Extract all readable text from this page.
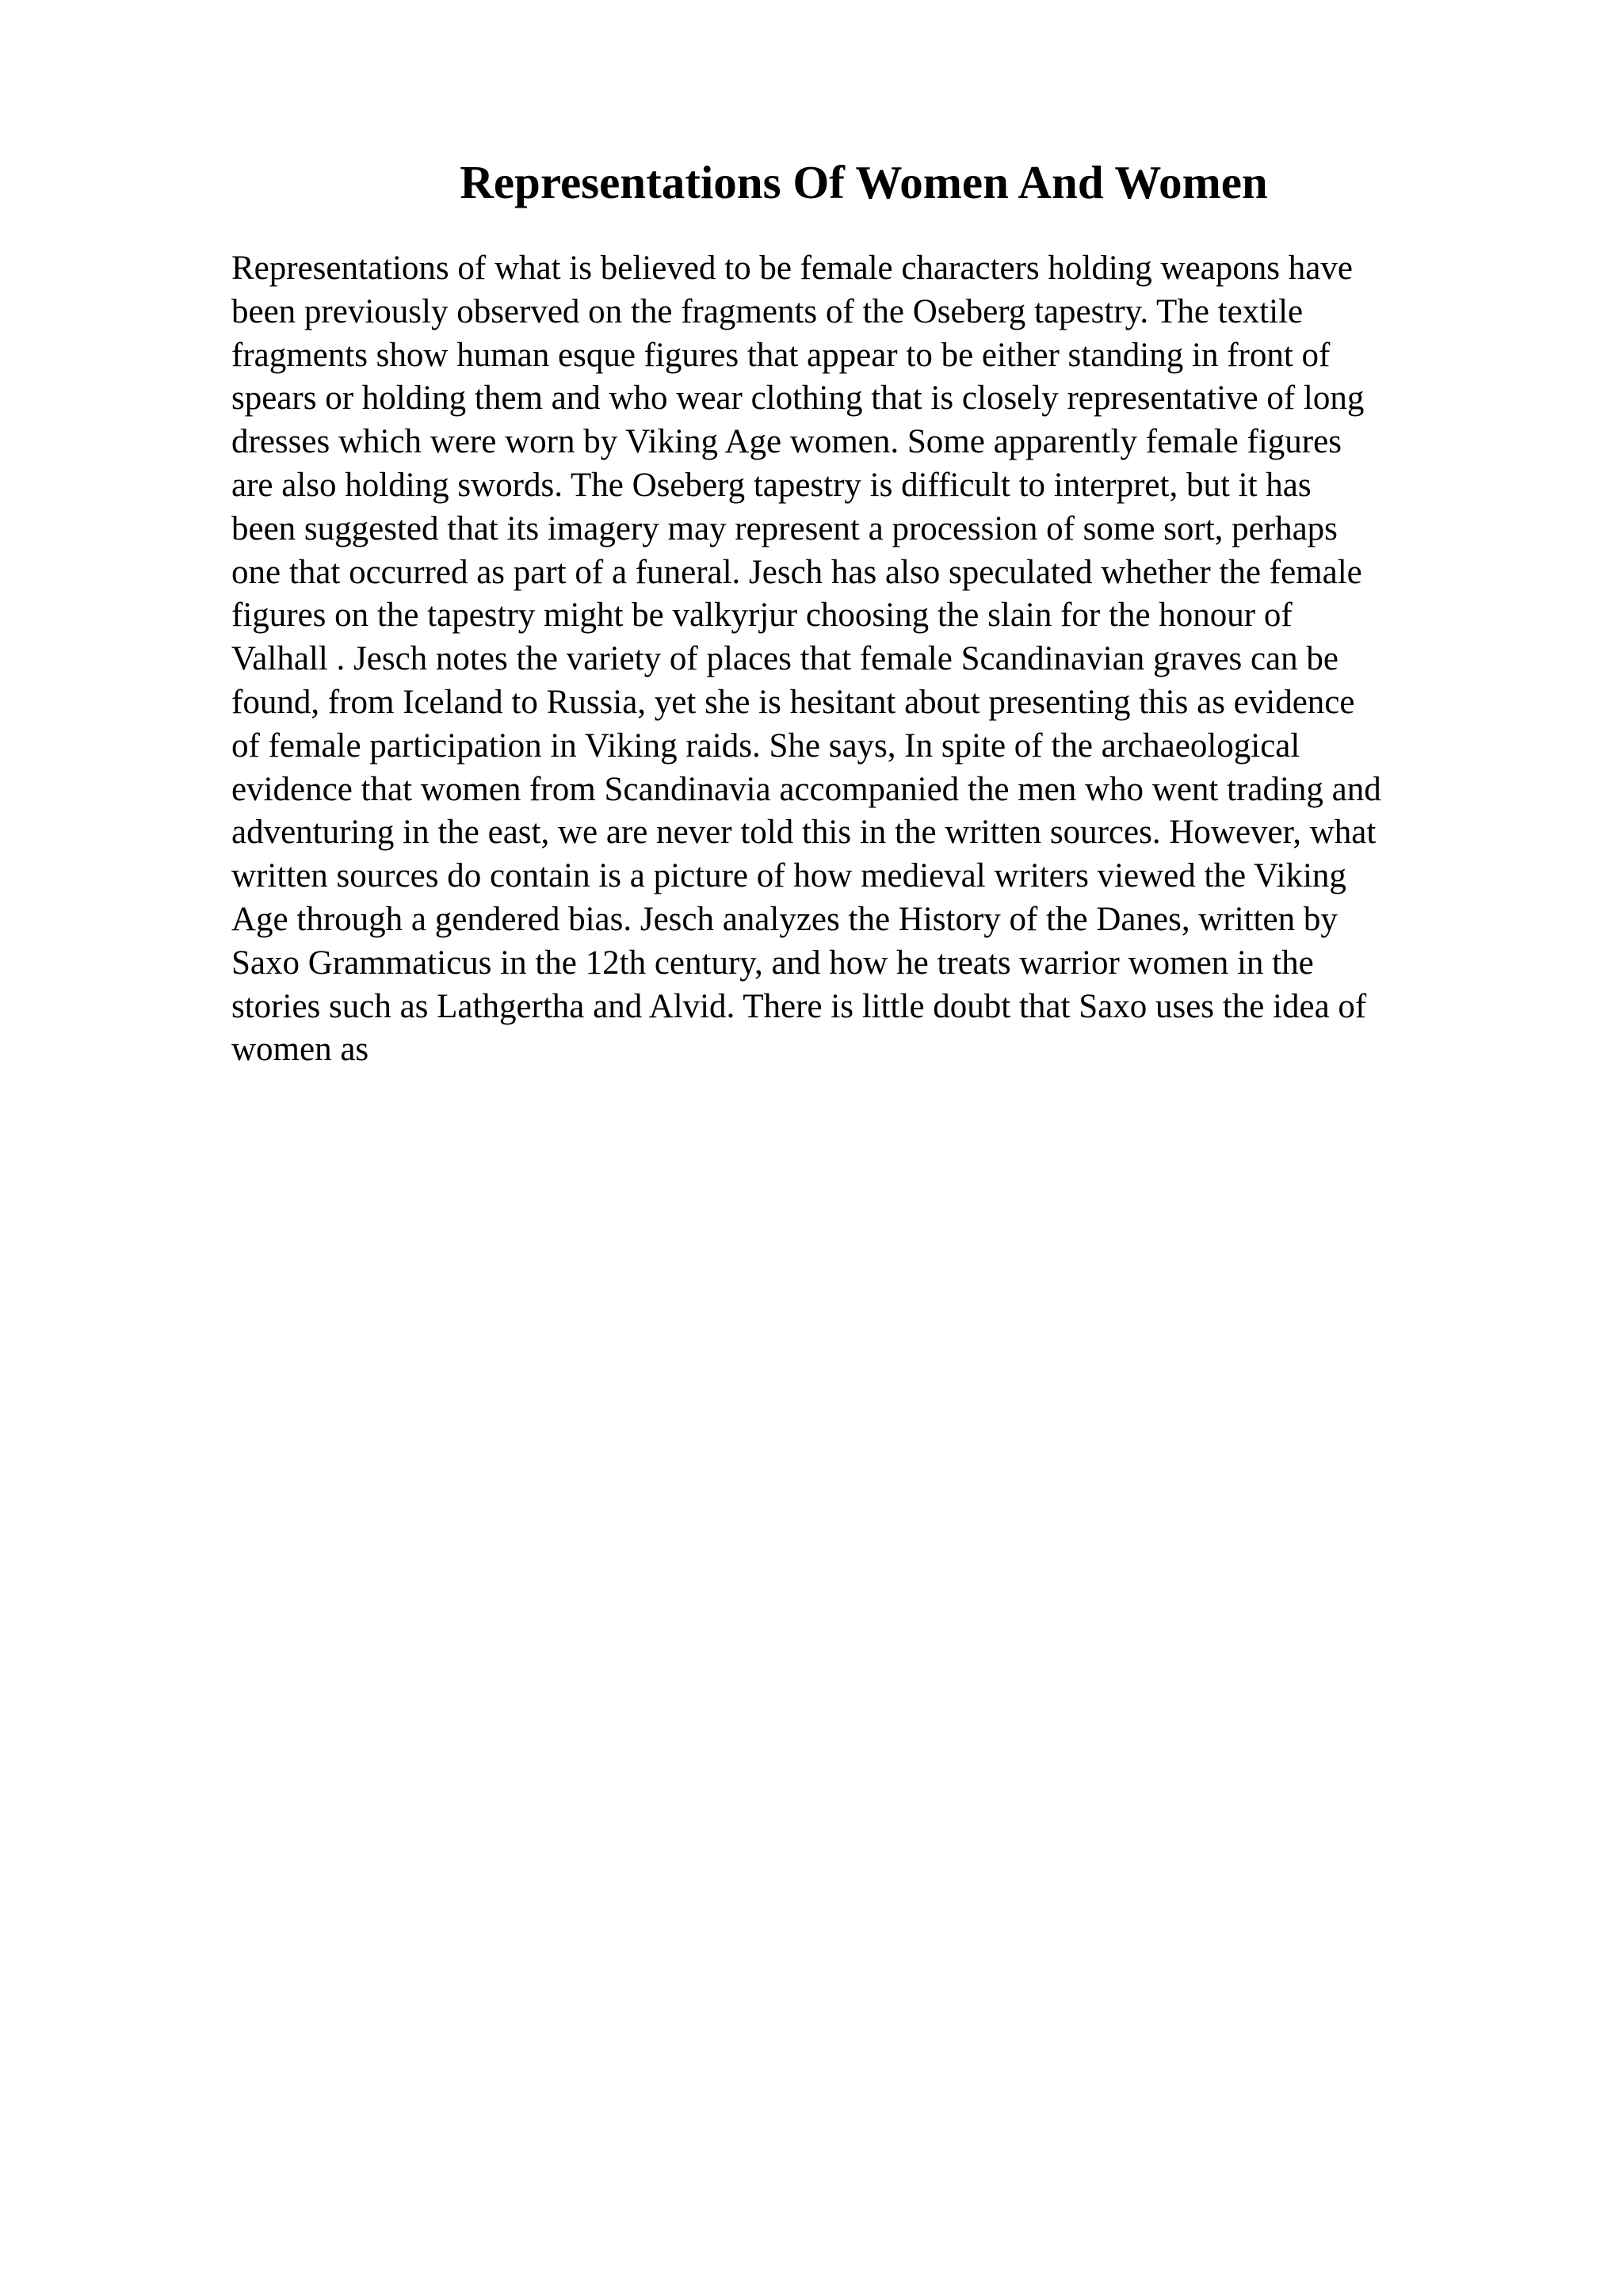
Representations Of Women And Women
Representations of what is believed to be female characters holding weapons have
been previously observed on the fragments of the Oseberg tapestry. The textile
fragments show human esque figures that appear to be either standing in front of
spears or holding them and who wear clothing that is closely representative of long
dresses which were worn by Viking Age women. Some apparently female figures
are also holding swords. The Oseberg tapestry is difficult to interpret, but it has
been suggested that its imagery may represent a procession of some sort, perhaps
one that occurred as part of a funeral. Jesch has also speculated whether the female
figures on the tapestry might be valkyrjur choosing the slain for the honour of
Valhall . Jesch notes the variety of places that female Scandinavian graves can be
found, from Iceland to Russia, yet she is hesitant about presenting this as evidence
of female participation in Viking raids. She says, In spite of the archaeological
evidence that women from Scandinavia accompanied the men who went trading and
adventuring in the east, we are never told this in the written sources. However, what
written sources do contain is a picture of how medieval writers viewed the Viking
Age through a gendered bias. Jesch analyzes the History of the Danes, written by
Saxo Grammaticus in the 12th century, and how he treats warrior women in the
stories such as Lathgertha and Alvid. There is little doubt that Saxo uses the idea of
women as
